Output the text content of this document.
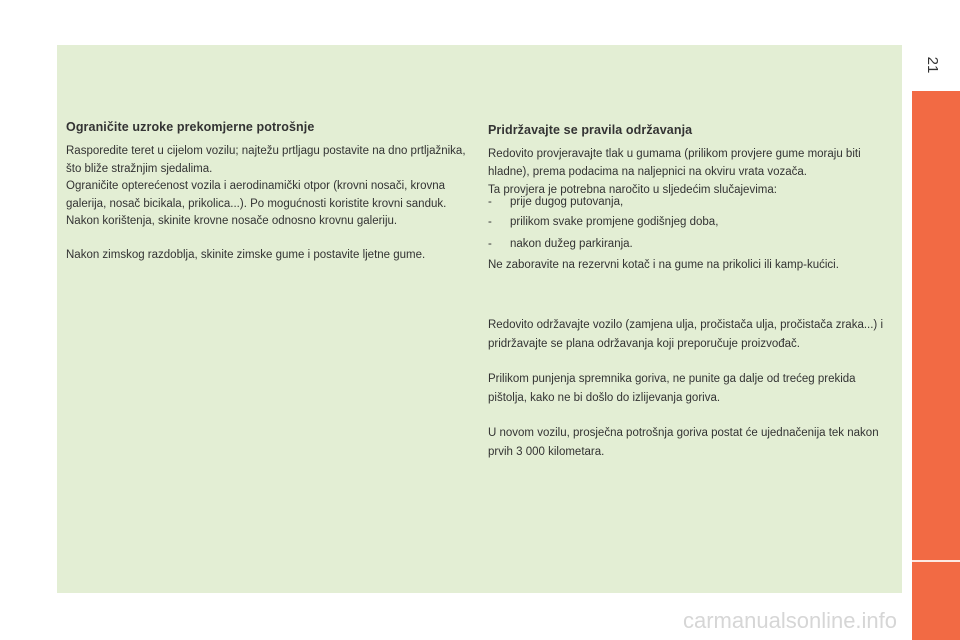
Ograničite uzroke prekomjerne potrošnje

Rasporedite teret u cijelom vozilu; najtežu prtljagu postavite na dno prtljažnika, što bliže stražnjim sjedalima.

Ograničite opterećenost vozila i aerodinamički otpor (krovni nosači, krovna galerija, nosač bicikala, prikolica...). Po mogućnosti koristite krovni sanduk.

Nakon korištenja, skinite krovne nosače odnosno krovnu galeriju.

Nakon zimskog razdoblja, skinite zimske gume i postavite ljetne gume.

Pridržavajte se pravila održavanja

Redovito provjeravajte tlak u gumama (prilikom provjere gume moraju biti hladne), prema podacima na naljepnici na okviru vrata vozača.

Ta provjera je potrebna naročito u sljedećim slučajevima:

- prije dugog putovanja,
- prilikom svake promjene godišnjeg doba,
- nakon dužeg parkiranja.

Ne zaboravite na rezervni kotač i na gume na prikolici ili kamp-kućici.

Redovito održavajte vozilo (zamjena ulja, pročistača ulja, pročistača zraka...) i pridržavajte se plana održavanja koji preporučuje proizvođač.

Prilikom punjenja spremnika goriva, ne punite ga dalje od trećeg prekida pištolja, kako ne bi došlo do izlijevanja goriva.

U novom vozilu, prosječna potrošnja goriva postat će ujednačenija tek nakon prvih 3 000 kilometara.

21
carmanualsonline.info
